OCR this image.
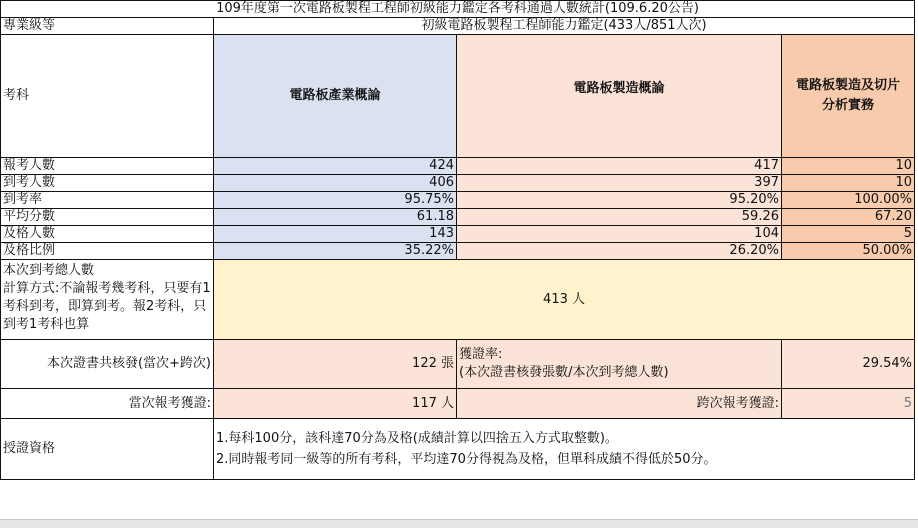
109年度第一次電路板製程工程師初級能力鑑定各考科通過人數統計(109.6.20公告)			
專業級等	初級電路板製程工程師能力鑑定(433人/851人次)		
考科	電路板產業概論	電路板製造概論	電路板製造及切片
分析實務
報考人數	424	417	10
到考人數	406	397	10
到考率	95.75%	95.20%	100.00%
平均分數	61.18	59.26	67.20
及格人數	143	104	5
及格比例	35.22%	26.20%	50.00%
本次到考總人數
計算方式:不論報考幾考科，只要有1考科到考，即算到考。報2考科，只到考1考科也算	413 人		
本次證書共核發(當次+跨次)	122 張	獲證率:
(本次證書核發張數/本次到考總人數)	29.54%
當次報考獲證:	117 人	跨次報考獲證:	5
授證資格	1.每科100分，該科達70分為及格(成績計算以四捨五入方式取整數)。
2.同時報考同一級等的所有考科，平均達70分得視為及格，但單科成績不得低於50分。		
